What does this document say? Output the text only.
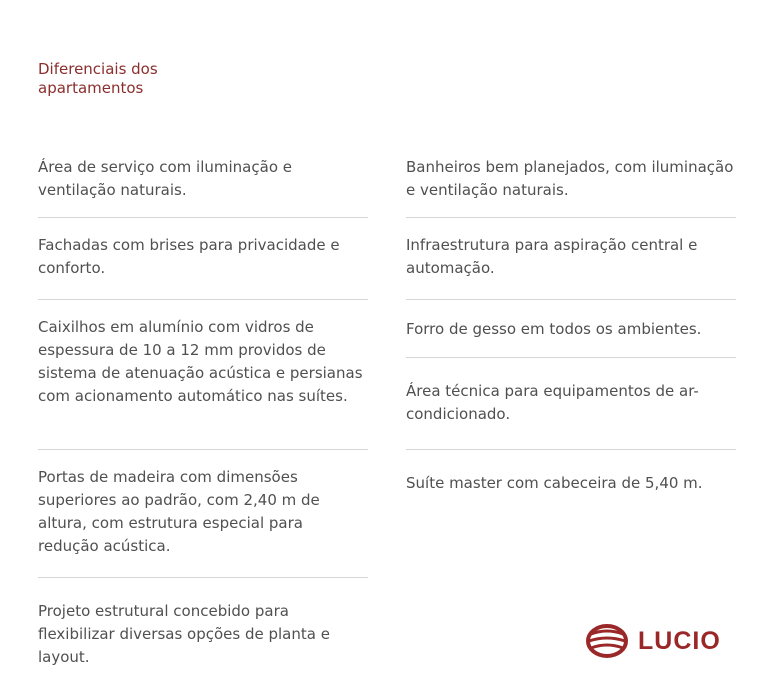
Diferenciais dos apartamentos
Área de serviço com iluminação e ventilação naturais.
Fachadas com brises para privacidade e conforto.
Caixilhos em alumínio com vidros de espessura de 10 a 12 mm providos de sistema de atenuação acústica e persianas com acionamento automático nas suítes.
Portas de madeira com dimensões superiores ao padrão, com 2,40 m de altura, com estrutura especial para redução acústica.
Projeto estrutural concebido para flexibilizar diversas opções de planta e layout.
Banheiros bem planejados, com iluminação e ventilação naturais.
Infraestrutura para aspiração central e automação.
Forro de gesso em todos os ambientes.
Área técnica para equipamentos de ar-condicionado.
Suíte master com cabeceira de 5,40 m.
LUCIO
